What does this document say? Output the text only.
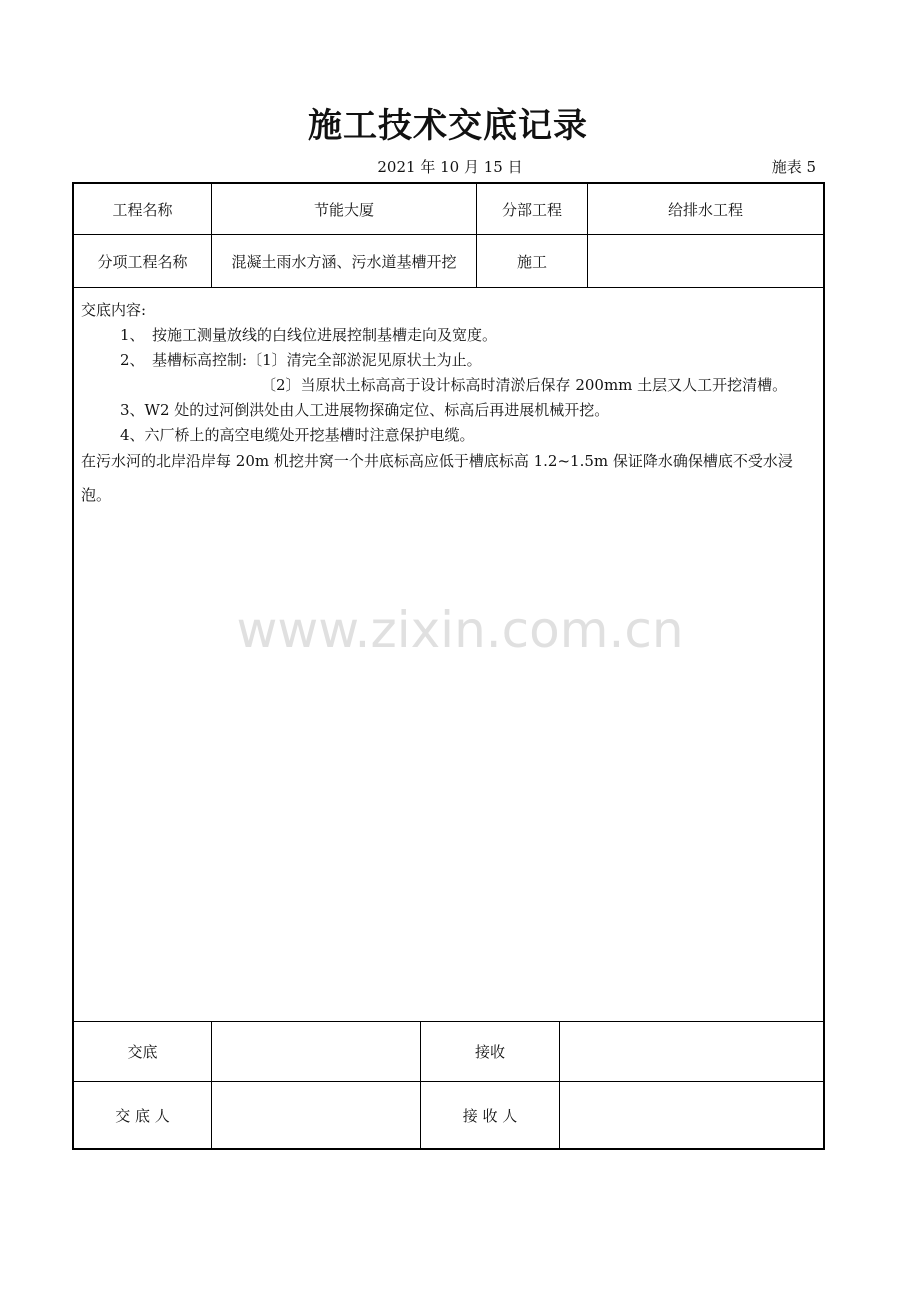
施工技术交底记录
2021 年 10 月 15 日	施表 5
工程名称	节能大厦	分部工程	给排水工程
分项工程名称	混凝土雨水方涵、污水道基槽开挖	施工
交底内容:
1、　按施工测量放线的白线位进展控制基槽走向及宽度。
2、　基槽标高控制:〔1〕清完全部淤泥见原状土为止。
〔2〕当原状土标高高于设计标高时清淤后保存 200mm 土层又人工开挖清槽。
3、W2 处的过河倒洪处由人工进展物探确定位、标高后再进展机械开挖。
4、六厂桥上的高空电缆处开挖基槽时注意保护电缆。
在污水河的北岸沿岸每 20m 机挖井窝一个井底标高应低于槽底标高 1.2~1.5m 保证降水确保槽底不受水浸泡。
交底	接收
交 底 人	接 收 人
www.zixin.com.cn
